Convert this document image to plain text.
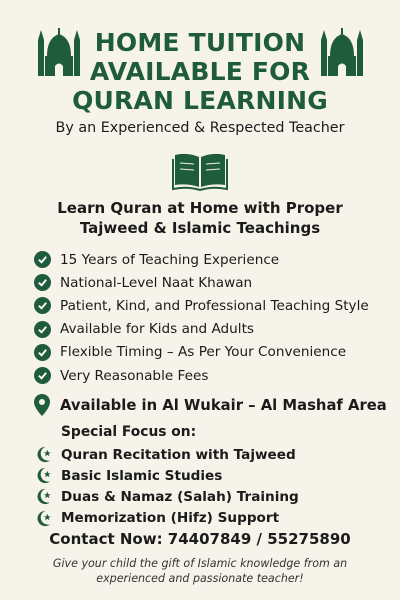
HOME TUITION
AVAILABLE FOR
QURAN LEARNING
By an Experienced & Respected Teacher
Learn Quran at Home with Proper
Tajweed & Islamic Teachings
15 Years of Teaching Experience
National-Level Naat Khawan
Patient, Kind, and Professional Teaching Style
Available for Kids and Adults
Flexible Timing – As Per Your Convenience
Very Reasonable Fees
Available in Al Wukair – Al Mashaf Area
Special Focus on:
Quran Recitation with Tajweed
Basic Islamic Studies
Duas & Namaz (Salah) Training
Memorization (Hifz) Support
Contact Now: 74407849 / 55275890
Give your child the gift of Islamic knowledge from an
experienced and passionate teacher!
